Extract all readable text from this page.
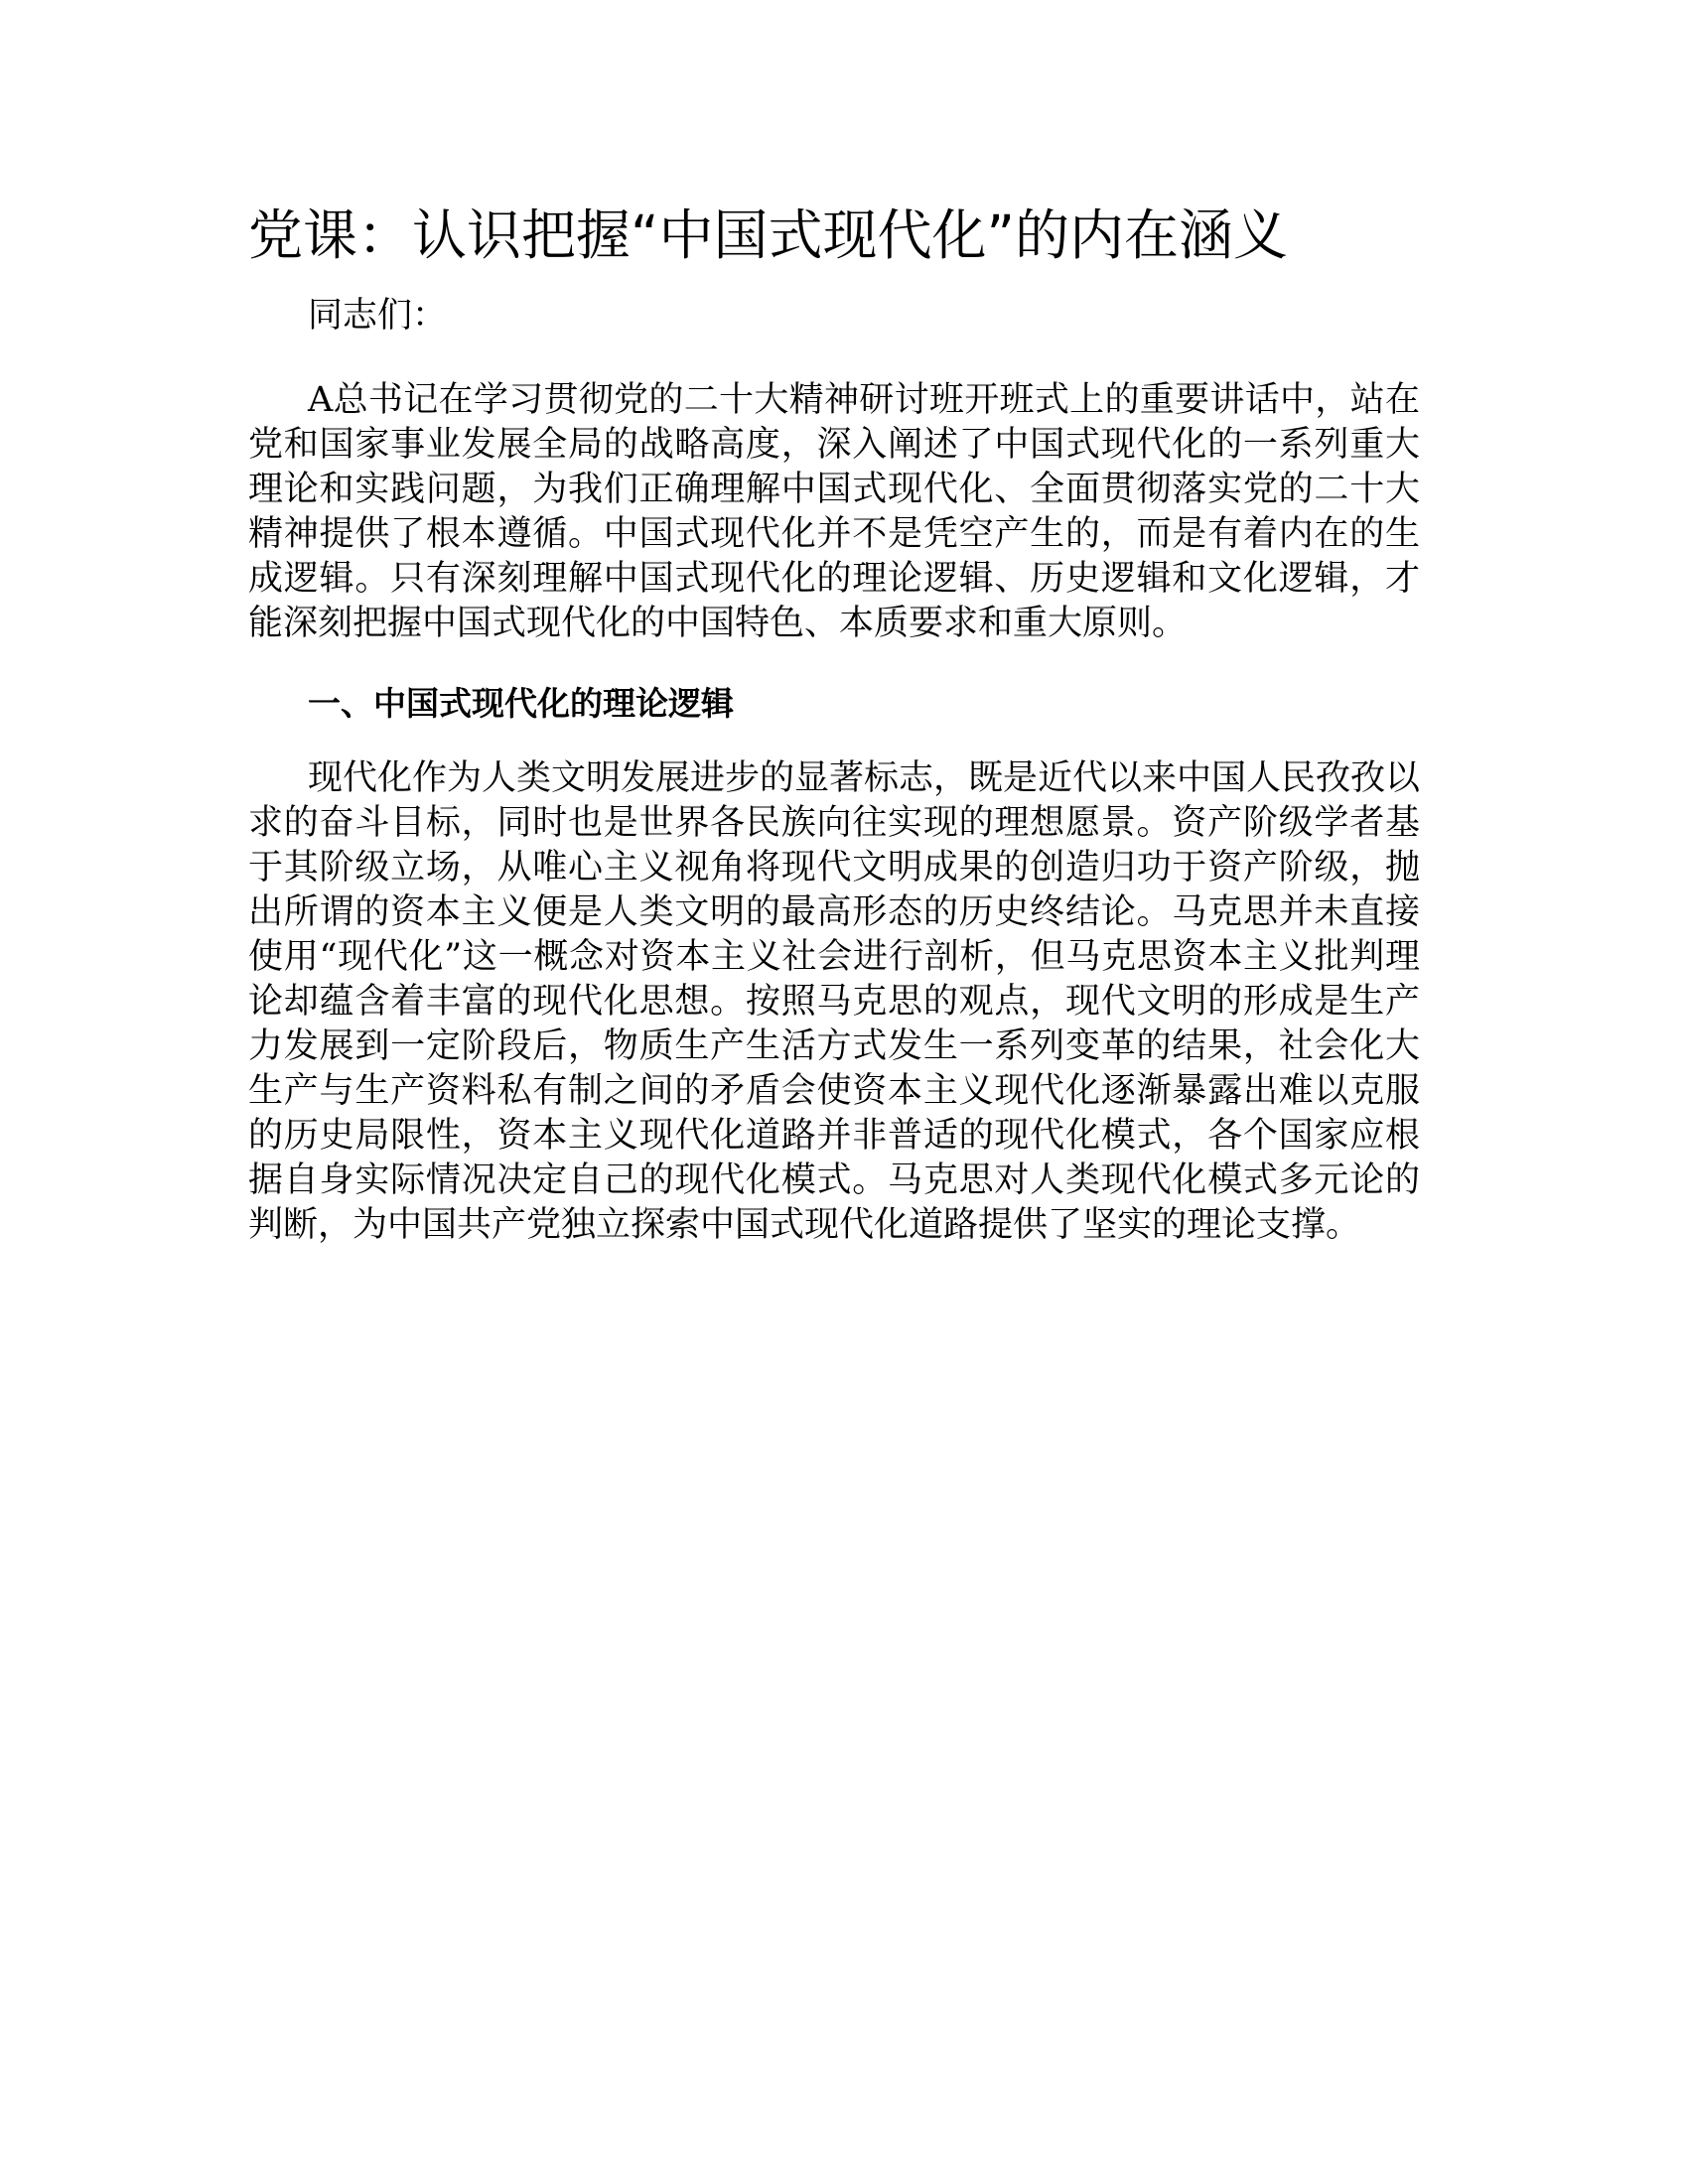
党课：认识把握“中国式现代化”的内在涵义

同志们：

A总书记在学习贯彻党的二十大精神研讨班开班式上的重要讲话中，站在党和国家事业发展全局的战略高度，深入阐述了中国式现代化的一系列重大理论和实践问题，为我们正确理解中国式现代化、全面贯彻落实党的二十大精神提供了根本遵循。中国式现代化并不是凭空产生的，而是有着内在的生成逻辑。只有深刻理解中国式现代化的理论逻辑、历史逻辑和文化逻辑，才能深刻把握中国式现代化的中国特色、本质要求和重大原则。

一、中国式现代化的理论逻辑

现代化作为人类文明发展进步的显著标志，既是近代以来中国人民孜孜以求的奋斗目标，同时也是世界各民族向往实现的理想愿景。资产阶级学者基于其阶级立场，从唯心主义视角将现代文明成果的创造归功于资产阶级，抛出所谓的资本主义便是人类文明的最高形态的历史终结论。马克思并未直接使用“现代化”这一概念对资本主义社会进行剖析，但马克思资本主义批判理论却蕴含着丰富的现代化思想。按照马克思的观点，现代文明的形成是生产力发展到一定阶段后，物质生产生活方式发生一系列变革的结果，社会化大生产与生产资料私有制之间的矛盾会使资本主义现代化逐渐暴露出难以克服的历史局限性，资本主义现代化道路并非普适的现代化模式，各个国家应根据自身实际情况决定自己的现代化模式。马克思对人类现代化模式多元论的判断，为中国共产党独立探索中国式现代化道路提供了坚实的理论支撑。
